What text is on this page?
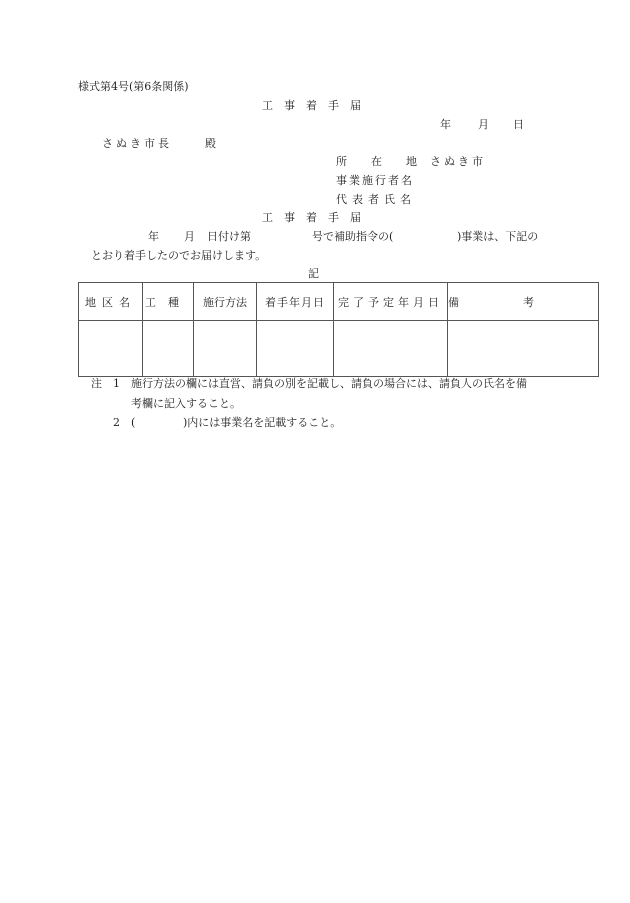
様式第4号(第6条関係)
工事着手届
年 月 日
さぬき市長	殿
所在地
さぬき市
事業施行者名
代表者氏名
工事着手届
年 月 日付け第	号で補助指令の(	)事業は、下記の
とおり着手したのでお届けします。
記
地区名	工種	施行方法	着手年月日	完了予定年月日	備考

注 1 施行方法の欄には直営、請負の別を記載し、請負の場合には、請負人の氏名を備
考欄に記入すること。
2 (	)内には事業名を記載すること。
